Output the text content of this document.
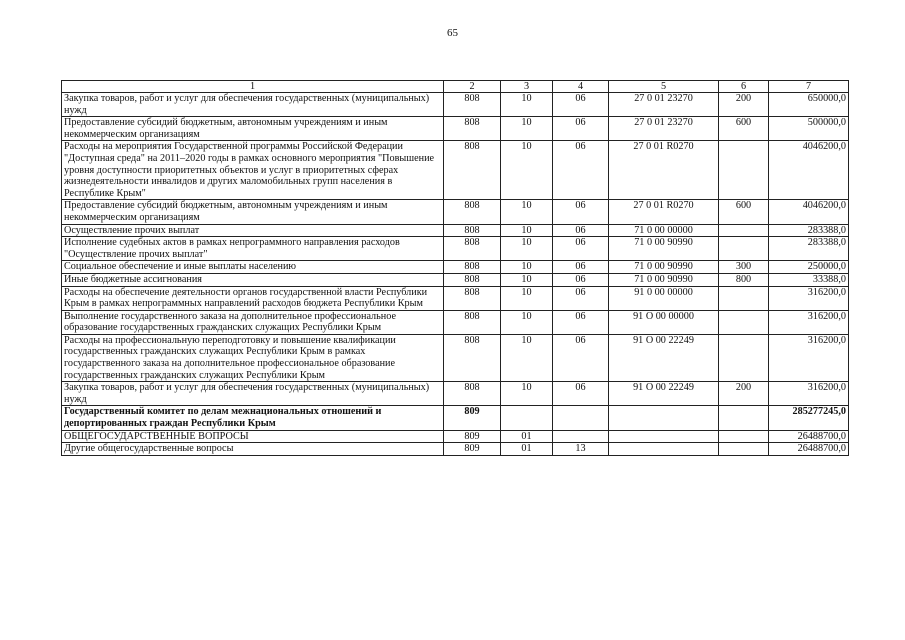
65
1	2	3	4	5	6	7
Закупка товаров, работ и услуг для обеспечения государственных (муниципальных) нужд	808	10	06	27 0 01 23270	200	650000,0
Предоставление субсидий бюджетным, автономным учреждениям и иным некоммерческим организациям	808	10	06	27 0 01 23270	600	500000,0
Расходы на мероприятия Государственной программы Российской Федерации "Доступная среда" на 2011–2020 годы в рамках основного мероприятия "Повышение уровня доступности приоритетных объектов и услуг в приоритетных сферах жизнедеятельности инвалидов и других маломобильных групп населения в Республике Крым"	808	10	06	27 0 01 R0270		4046200,0
Предоставление субсидий бюджетным, автономным учреждениям и иным некоммерческим организациям	808	10	06	27 0 01 R0270	600	4046200,0
Осуществление прочих выплат	808	10	06	71 0 00 00000		283388,0
Исполнение судебных актов в рамках непрограммного направления расходов "Осуществление прочих выплат"	808	10	06	71 0 00 90990		283388,0
Социальное обеспечение и иные выплаты населению	808	10	06	71 0 00 90990	300	250000,0
Иные бюджетные ассигнования	808	10	06	71 0 00 90990	800	33388,0
Расходы на обеспечение деятельности органов государственной власти Республики Крым в рамках непрограммных направлений расходов бюджета Республики Крым	808	10	06	91 0 00 00000		316200,0
Выполнение государственного заказа на дополнительное профессиональное образование государственных гражданских служащих Республики Крым	808	10	06	91 О 00 00000		316200,0
Расходы на профессиональную переподготовку и повышение квалификации государственных гражданских служащих Республики Крым в рамках государственного заказа на дополнительное профессиональное образование государственных гражданских служащих Республики Крым	808	10	06	91 О 00 22249		316200,0
Закупка товаров, работ и услуг для обеспечения государственных (муниципальных) нужд	808	10	06	91 О 00 22249	200	316200,0
Государственный комитет по делам межнациональных отношений и депортированных граждан Республики Крым	809					285277245,0
ОБЩЕГОСУДАРСТВЕННЫЕ ВОПРОСЫ	809	01				26488700,0
Другие общегосударственные вопросы	809	01	13			26488700,0
